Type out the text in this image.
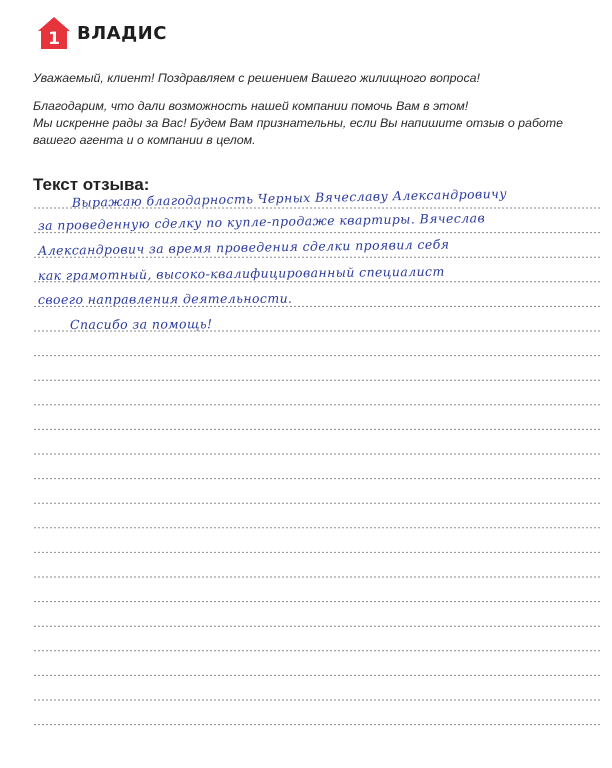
1 ВЛАДИС

Уважаемый, клиент! Поздравляем с решением Вашего жилищного вопроса!

Благодарим, что дали возможность нашей компании помочь Вам в этом!

Мы искренне рады за Вас! Будем Вам признательны, если Вы напишите отзыв о работе

вашего агента и о компании в целом.

Текст отзыва:
Выражаю благодарность Черных Вячеславу Александровичу
за проведенную сделку по купле-продаже квартиры. Вячеслав
Александрович за время проведения сделки проявил себя
как грамотный, высоко-квалифицированный специалист
своего направления деятельности.
Спасибо за помощь!
